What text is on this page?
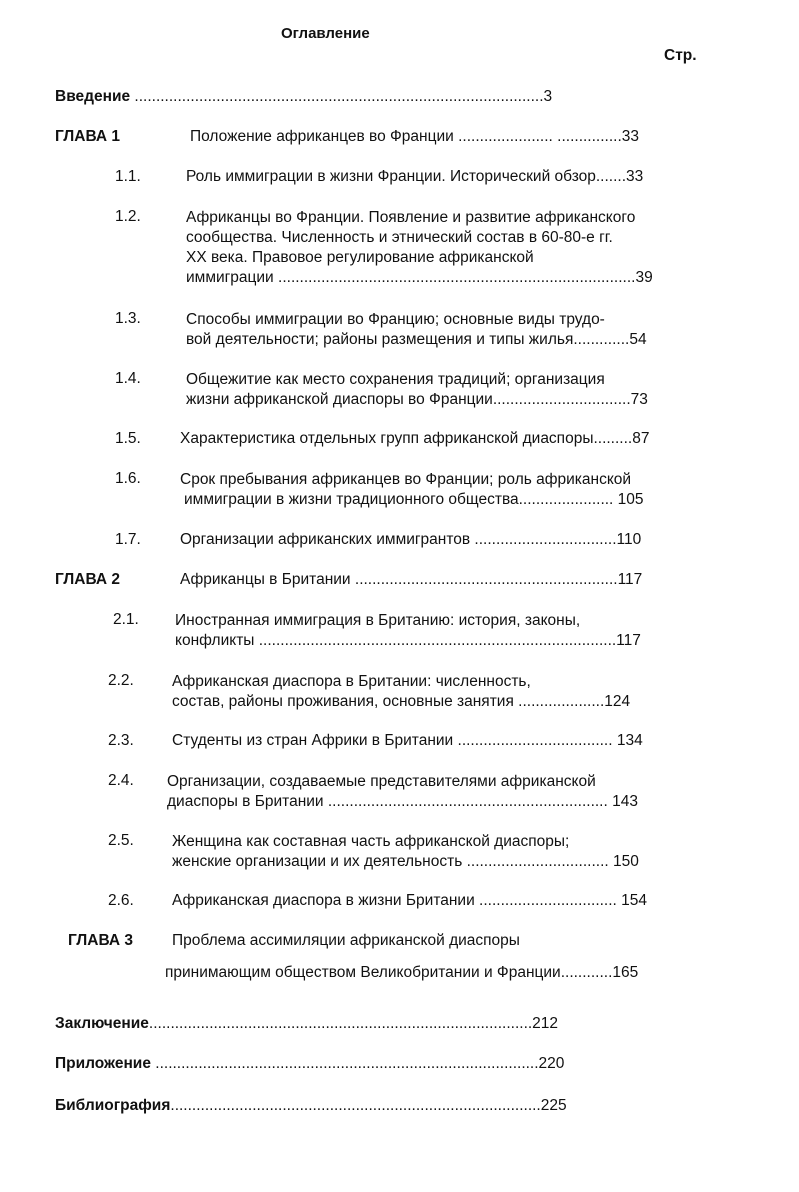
Оглавление
Стр.
Введение ...............................................................................................3
ГЛАВА 1	Положение африканцев во Франции ...................... ...............33
1.1.	Роль иммиграции в жизни Франции. Исторический обзор.......33
1.2.	Африканцы во Франции. Появление и развитие африканского
сообщества. Численность и этнический состав в 60-80-е гг.
XX века. Правовое регулирование африканской
иммиграции ...................................................................................39
1.3.	Способы иммиграции во Францию; основные виды трудо-
вой деятельности; районы размещения и типы жилья.............54
1.4.	Общежитие как место сохранения традиций; организация
жизни африканской диаспоры во Франции................................73
1.5.	Характеристика отдельных групп африканской диаспоры.........87
1.6.	Срок пребывания африканцев во Франции; роль африканской
иммиграции в жизни традиционного общества...................... 105
1.7.	Организации африканских иммигрантов .................................110
ГЛАВА 2	Африканцы в Британии .............................................................117
2.1. Иностранная иммиграция в Британию: история, законы,
конфликты ...................................................................................117
2.2. Африканская диаспора в Британии: численность,
состав, районы проживания, основные занятия ....................124
2.3. Студенты из стран Африки в Британии .................................... 134
2.4. Организации, создаваемые представителями африканской
диаспоры в Британии ................................................................. 143
2.5. Женщина как составная часть африканской диаспоры;
женские организации и их деятельность ................................. 150
2.6. Африканская диаспора в жизни Британии ................................ 154
ГЛАВА 3	Проблема ассимиляции африканской диаспоры
принимающим обществом Великобритании и Франции............165
Заключение.........................................................................................212
Приложение .........................................................................................220
Библиография......................................................................................225
